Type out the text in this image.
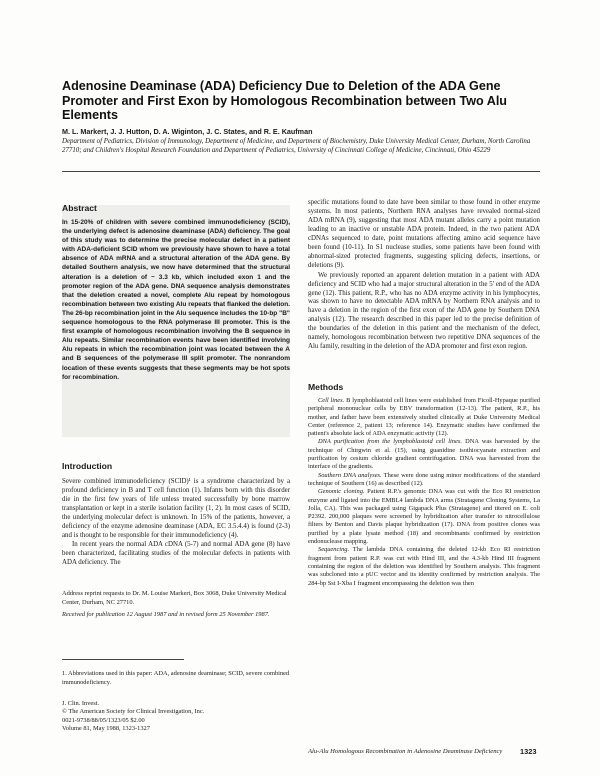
Adenosine Deaminase (ADA) Deficiency Due to Deletion of the ADA Gene Promoter and First Exon by Homologous Recombination between Two Alu Elements
M. L. Markert, J. J. Hutton, D. A. Wiginton, J. C. States, and R. E. Kaufman
Department of Pediatrics, Division of Immunology, Department of Medicine, and Department of Biochemistry, Duke University Medical Center, Durham, North Carolina 27710; and Children's Hospital Research Foundation and Department of Pediatrics, University of Cincinnati College of Medicine, Cincinnati, Ohio 45229
Abstract
In 15-20% of children with severe combined immunodeficiency (SCID), the underlying defect is adenosine deaminase (ADA) deficiency. The goal of this study was to determine the precise molecular defect in a patient with ADA-deficient SCID whom we previously have shown to have a total absence of ADA mRNA and a structural alteration of the ADA gene. By detailed Southern analysis, we now have determined that the structural alteration is a deletion of ~ 3.3 kb, which included exon 1 and the promoter region of the ADA gene. DNA sequence analysis demonstrates that the deletion created a novel, complete Alu repeat by homologous recombination between two existing Alu repeats that flanked the deletion. The 26-bp recombination joint in the Alu sequence includes the 10-bp "B" sequence homologous to the RNA polymerase III promoter. This is the first example of homologous recombination involving the B sequence in Alu repeats. Similar recombination events have been identified involving Alu repeats in which the recombination joint was located between the A and B sequences of the polymerase III split promoter. The nonrandom location of these events suggests that these segments may be hot spots for recombination.
Introduction

Severe combined immunodeficiency (SCID)¹ is a syndrome characterized by a profound deficiency in B and T cell function (1). Infants born with this disorder die in the first few years of life unless treated successfully by bone marrow transplantation or kept in a sterile isolation facility (1, 2). In most cases of SCID, the underlying molecular defect is unknown. In 15% of the patients, however, a deficiency of the enzyme adenosine deaminase (ADA, EC 3.5.4.4) is found (2-3) and is thought to be responsible for their immunodeficiency (4).

In recent years the normal ADA cDNA (5-7) and normal ADA gene (8) have been characterized, facilitating studies of the molecular defects in patients with ADA deficiency. The

Address reprint requests to Dr. M. Louise Markert, Box 3068, Duke University Medical Center, Durham, NC 27710.
Received for publication 12 August 1987 and in revised form 25 November 1987.
1. Abbreviations used in this paper: ADA, adenosine deaminase; SCID, severe combined immunodeficiency.
J. Clin. Invest.
© The American Society for Clinical Investigation, Inc.
0021-9738/88/05/1323/05 $2.00
Volume 81, May 1988, 1323-1327

specific mutations found to date have been similar to those found in other enzyme systems. In most patients, Northern RNA analyses have revealed normal-sized ADA mRNA (9), suggesting that most ADA mutant alleles carry a point mutation leading to an inactive or unstable ADA protein. Indeed, in the two patient ADA cDNAs sequenced to date, point mutations affecting amino acid sequence have been found (10-11). In S1 nuclease studies, some patients have been found with abnormal-sized protected fragments, suggesting splicing defects, insertions, or deletions (9).

We previously reported an apparent deletion mutation in a patient with ADA deficiency and SCID who had a major structural alteration in the 5' end of the ADA gene (12). This patient, R.P., who has no ADA enzyme activity in his lymphocytes, was shown to have no detectable ADA mRNA by Northern RNA analysis and to have a deletion in the region of the first exon of the ADA gene by Southern DNA analysis (12). The research described in this paper led to the precise definition of the boundaries of the deletion in this patient and the mechanism of the defect, namely, homologous recombination between two repetitive DNA sequences of the Alu family, resulting in the deletion of the ADA promoter and first exon region.

Methods

Cell lines. B lymphoblastoid cell lines were established from Ficoll-Hypaque purified peripheral mononuclear cells by EBV transformation (12-13). The patient, R.P., his mother, and father have been extensively studied clinically at Duke University Medical Center (reference 2, patient 13; reference 14). Enzymatic studies have confirmed the patient's absolute lack of ADA enzymatic activity (12).

DNA purification from the lymphoblastoid cell lines. DNA was harvested by the technique of Chirgwin et al. (15), using guanidine isothiocyanate extraction and purification by cesium chloride gradient centrifugation. DNA was harvested from the interface of the gradients.

Southern DNA analyses. These were done using minor modifications of the standard technique of Southern (16) as described (12).

Genomic cloning. Patient R.P.'s genomic DNA was cut with the Eco RI restriction enzyme and ligated into the EMBL4 lambda DNA arms (Stratagene Cloning Systems, La Jolla, CA). This was packaged using Gigapack Plus (Stratagene) and titered on E. coli P2392. 200,000 plaques were screened by hybridization after transfer to nitrocellulose filters by Benton and Davis plaque hybridization (17). DNA from positive clones was purified by a plate lysate method (18) and recombinants confirmed by restriction endonuclease mapping.

Sequencing. The lambda DNA containing the deleted 12-kb Eco RI restriction fragment from patient R.P. was cut with Hind III, and the 4.3-kb Hind III fragment containing the region of the deletion was identified by Southern analysis. This fragment was subcloned into a pUC vector and its identity confirmed by restriction analysis. The 284-bp Sst I-Xba I fragment encompassing the deletion was then

Alu-Alu Homologous Recombination in Adenosine Deaminase Deficiency	1323
